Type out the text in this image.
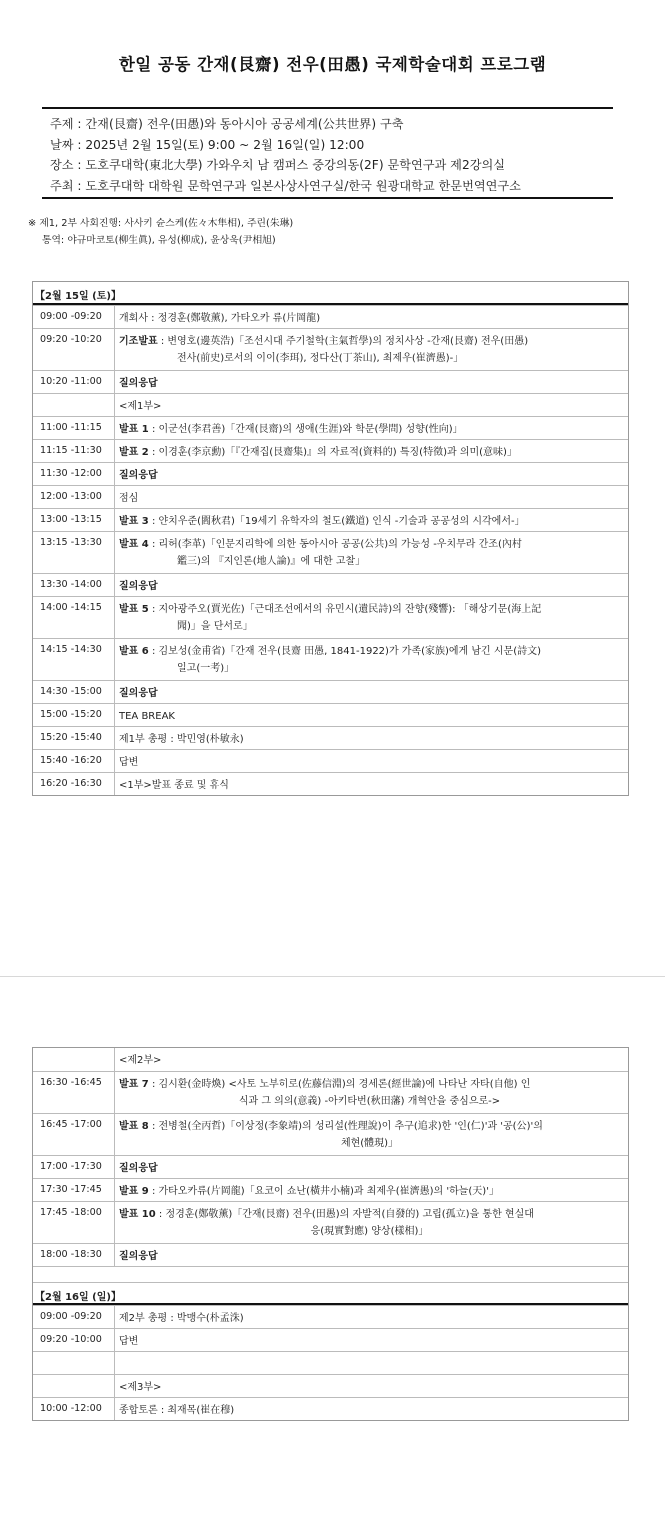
한일 공동 간재(艮齋) 전우(田愚) 국제학술대회 프로그램
주제 : 간재(艮齋) 전우(田愚)와 동아시아 공공세계(公共世界) 구축
날짜 : 2025년 2월 15일(토) 9:00 ~ 2월 16일(일) 12:00
장소 : 도호쿠대학(東北大學) 가와우치 남 캠퍼스 중강의동(2F) 문학연구과 제2강의실
주최 : 도호쿠대학 대학원 문학연구과 일본사상사연구실/한국 원광대학교 한문번역연구소
※ 제1, 2부 사회진행: 사사키 슌스케(佐々木隼相), 주린(朱琳)
통역: 야규마코토(柳生眞), 유성(柳成), 윤상욱(尹相旭)
【2월 15일 (토)】
09:00 -09:20	개회사 : 정경훈(鄭敬薰), 가타오카 류(片岡龍)
09:20 -10:20	기조발표 : 변영호(邊英浩)「조선시대 주기철학(主氣哲學)의 정치사상 -간재(艮齋) 전우(田愚)
전사(前史)로서의 이이(李珥), 정다산(丁茶山), 최제우(崔濟愚)-」
10:20 -11:00	질의응답
<제1부>
11:00 -11:15	발표 1 : 이군선(李君善)「간재(艮齋)의 생애(生涯)와 학문(學問) 성향(性向)」
11:15 -11:30	발표 2 : 이경훈(李京勳)「『간재집(艮齋集)』의 자료적(資料的) 특징(特徵)과 의미(意味)」
11:30 -12:00	질의응답
12:00 -13:00	점심
13:00 -13:15	발표 3 : 얀치우준(閻秋君)「19세기 유학자의 철도(鐵道) 인식 -기술과 공공성의 시각에서-」
13:15 -13:30	발표 4 : 리허(李革)「인문지리학에 의한 동아시아 공공(公共)의 가능성 -우치무라 간조(內村
鑑三)의 『지인론(地人論)』에 대한 고찰」
13:30 -14:00	질의응답
14:00 -14:15	발표 5 : 지아광주오(賈光佐)「근대조선에서의 유민시(遺民詩)의 잔향(殘響): 「해상기문(海上記
聞)」을 단서로」
14:15 -14:30	발표 6 : 김보성(金甫省)「간재 전우(艮齋 田愚, 1841-1922)가 가족(家族)에게 남긴 시문(詩文)
일고(一考)」
14:30 -15:00	질의응답
15:00 -15:20	TEA BREAK
15:20 -15:40	제1부 총평 : 박민영(朴敏永)
15:40 -16:20	답변
16:20 -16:30	<1부>발표 종료 및 휴식
<제2부>
16:30 -16:45	발표 7 : 김시환(金時煥) <사토 노부히로(佐藤信淵)의 경세론(經世論)에 나타난 자타(自他) 인
식과 그 의의(意義) -아키타번(秋田藩) 개혁안을 중심으로->
16:45 -17:00	발표 8 : 전병철(全丙哲)「이상정(李象靖)의 성리설(性理說)이 추구(追求)한 '인(仁)'과 '공(公)'의
체현(體現)」
17:00 -17:30	질의응답
17:30 -17:45	발표 9 : 가타오카류(片岡龍)「요코이 쇼난(橫井小楠)과 최제우(崔濟愚)의 '하늘(天)'」
17:45 -18:00	발표 10 : 정경훈(鄭敬薰)「간재(艮齋) 전우(田愚)의 자발적(自發的) 고립(孤立)을 통한 현실대
응(現實對應) 양상(樣相)」
18:00 -18:30	질의응답
【2월 16일 (일)】
09:00 -09:20	제2부 총평 : 박맹수(朴孟洙)
09:20 -10:00	답변
<제3부>
10:00 -12:00	종합토론 : 최재목(崔在穆)
